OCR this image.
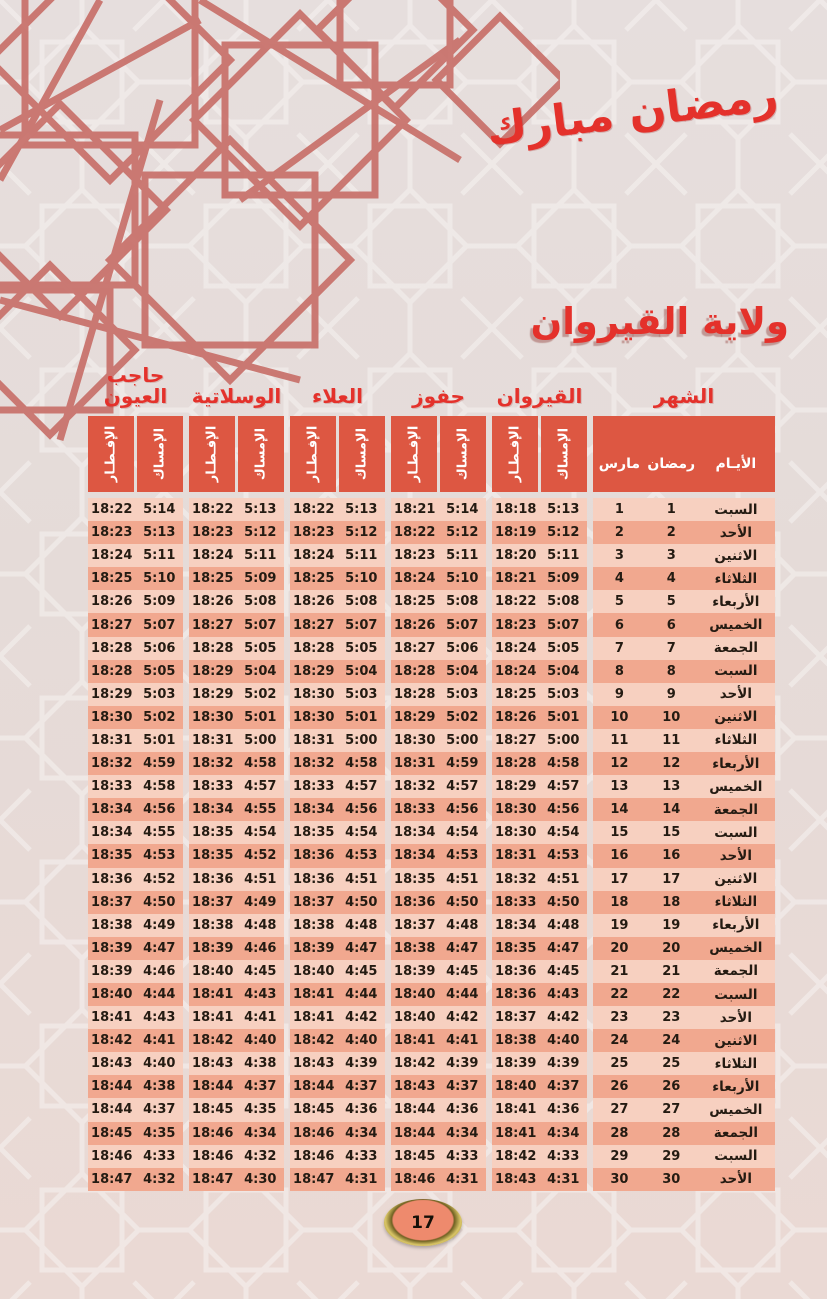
رمضان مبارك
ولاية القيروان
حاجب العيون
الإفـطـار	الإمساك
18:22 5:14
18:23 5:13
18:24 5:11
18:25 5:10
18:26 5:09
18:27 5:07
18:28 5:06
18:28 5:05
18:29 5:03
18:30 5:02
18:31 5:01
18:32 4:59
18:33 4:58
18:34 4:56
18:34 4:55
18:35 4:53
18:36 4:52
18:37 4:50
18:38 4:49
18:39 4:47
18:39 4:46
18:40 4:44
18:41 4:43
18:42 4:41
18:43 4:40
18:44 4:38
18:44 4:37
18:45 4:35
18:46 4:33
18:47 4:32
الوسلاتية
الإفـطـار	الإمساك
18:22 5:13
18:23 5:12
18:24 5:11
18:25 5:09
18:26 5:08
18:27 5:07
18:28 5:05
18:29 5:04
18:29 5:02
18:30 5:01
18:31 5:00
18:32 4:58
18:33 4:57
18:34 4:55
18:35 4:54
18:35 4:52
18:36 4:51
18:37 4:49
18:38 4:48
18:39 4:46
18:40 4:45
18:41 4:43
18:41 4:41
18:42 4:40
18:43 4:38
18:44 4:37
18:45 4:35
18:46 4:34
18:46 4:32
18:47 4:30
العلاء
الإفـطـار	الإمساك
18:22 5:13
18:23 5:12
18:24 5:11
18:25 5:10
18:26 5:08
18:27 5:07
18:28 5:05
18:29 5:04
18:30 5:03
18:30 5:01
18:31 5:00
18:32 4:58
18:33 4:57
18:34 4:56
18:35 4:54
18:36 4:53
18:36 4:51
18:37 4:50
18:38 4:48
18:39 4:47
18:40 4:45
18:41 4:44
18:41 4:42
18:42 4:40
18:43 4:39
18:44 4:37
18:45 4:36
18:46 4:34
18:46 4:33
18:47 4:31
حفوز
الإفـطـار	الإمساك
18:21 5:14
18:22 5:12
18:23 5:11
18:24 5:10
18:25 5:08
18:26 5:07
18:27 5:06
18:28 5:04
18:28 5:03
18:29 5:02
18:30 5:00
18:31 4:59
18:32 4:57
18:33 4:56
18:34 4:54
18:34 4:53
18:35 4:51
18:36 4:50
18:37 4:48
18:38 4:47
18:39 4:45
18:40 4:44
18:40 4:42
18:41 4:41
18:42 4:39
18:43 4:37
18:44 4:36
18:44 4:34
18:45 4:33
18:46 4:31
القيروان
الإفـطـار	الإمساك
18:18 5:13
18:19 5:12
18:20 5:11
18:21 5:09
18:22 5:08
18:23 5:07
18:24 5:05
18:24 5:04
18:25 5:03
18:26 5:01
18:27 5:00
18:28 4:58
18:29 4:57
18:30 4:56
18:30 4:54
18:31 4:53
18:32 4:51
18:33 4:50
18:34 4:48
18:35 4:47
18:36 4:45
18:36 4:43
18:37 4:42
18:38 4:40
18:39 4:39
18:40 4:37
18:41 4:36
18:41 4:34
18:42 4:33
18:43 4:31
الشهر
مارس رمضان	الأيـام
1	1	السبت
2	2	الأحد
3	3	الاثنين
4	4	الثلاثاء
5	5	الأربعاء
6	6	الخميس
7	7	الجمعة
8	8	السبت
9	9	الأحد
10	10	الاثنين
11	11	الثلاثاء
12	12	الأربعاء
13	13	الخميس
14	14	الجمعة
15	15	السبت
16	16	الأحد
17	17	الاثنين
18	18	الثلاثاء
19	19	الأربعاء
20	20	الخميس
21	21	الجمعة
22	22	السبت
23	23	الأحد
24	24	الاثنين
25	25	الثلاثاء
26	26	الأربعاء
27	27	الخميس
28	28	الجمعة
29	29	السبت
30	30	الأحد
17
